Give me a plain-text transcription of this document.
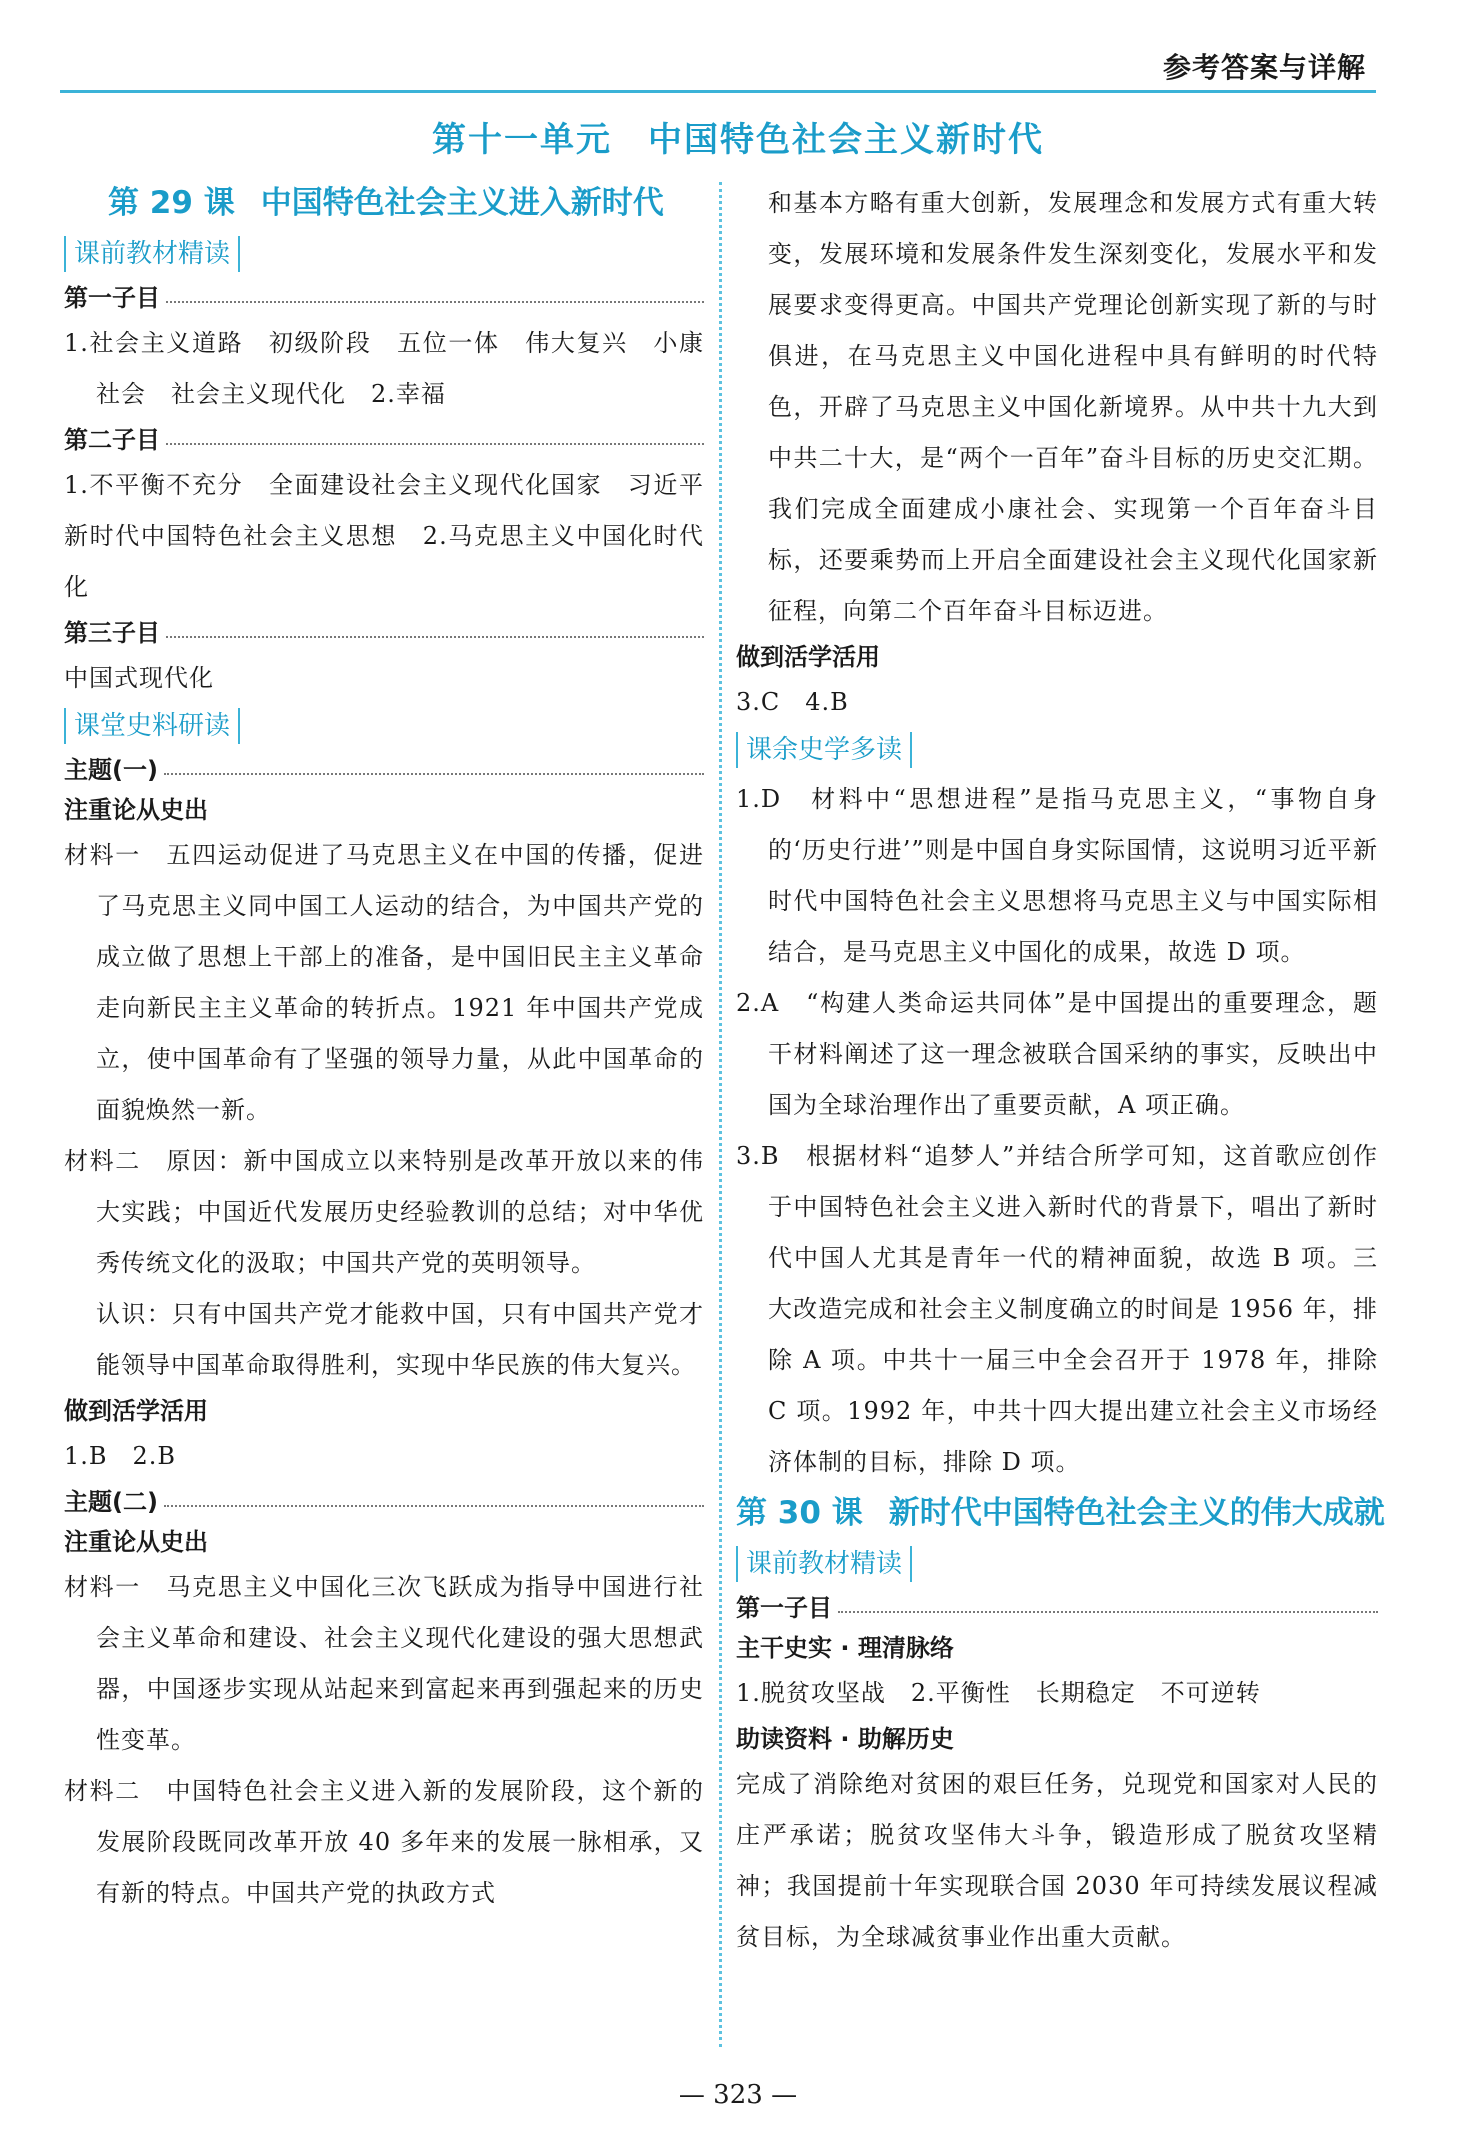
参考答案与详解
第十一单元　中国特色社会主义新时代
第 29 课 中国特色社会主义进入新时代
课前教材精读
第一子目

1.社会主义道路　初级阶段　五位一体　伟大复兴　小康社会　社会主义现代化　2.幸福

第二子目

1.不平衡不充分　全面建设社会主义现代化国家　习近平新时代中国特色社会主义思想　2.马克思主义中国化时代化

第三子目

中国式现代化

课堂史料研读
主题(一)
注重论从史出

材料一　五四运动促进了马克思主义在中国的传播，促进了马克思主义同中国工人运动的结合，为中国共产党的成立做了思想上干部上的准备，是中国旧民主主义革命走向新民主主义革命的转折点。1921 年中国共产党成立，使中国革命有了坚强的领导力量，从此中国革命的面貌焕然一新。

材料二　原因：新中国成立以来特别是改革开放以来的伟大实践；中国近代发展历史经验教训的总结；对中华优秀传统文化的汲取；中国共产党的英明领导。

认识：只有中国共产党才能救中国，只有中国共产党才能领导中国革命取得胜利，实现中华民族的伟大复兴。

做到活学活用

1.B　2.B

主题(二)
注重论从史出

材料一　马克思主义中国化三次飞跃成为指导中国进行社会主义革命和建设、社会主义现代化建设的强大思想武器，中国逐步实现从站起来到富起来再到强起来的历史性变革。

材料二　中国特色社会主义进入新的发展阶段，这个新的发展阶段既同改革开放 40 多年来的发展一脉相承，又有新的特点。中国共产党的执政方式

和基本方略有重大创新，发展理念和发展方式有重大转变，发展环境和发展条件发生深刻变化，发展水平和发展要求变得更高。中国共产党理论创新实现了新的与时俱进，在马克思主义中国化进程中具有鲜明的时代特色，开辟了马克思主义中国化新境界。从中共十九大到中共二十大，是“两个一百年”奋斗目标的历史交汇期。我们完成全面建成小康社会、实现第一个百年奋斗目标，还要乘势而上开启全面建设社会主义现代化国家新征程，向第二个百年奋斗目标迈进。

做到活学活用

3.C　4.B

课余史学多读

1.D　材料中“思想进程”是指马克思主义，“事物自身的‘历史行进’”则是中国自身实际国情，这说明习近平新时代中国特色社会主义思想将马克思主义与中国实际相结合，是马克思主义中国化的成果，故选 D 项。

2.A　“构建人类命运共同体”是中国提出的重要理念，题干材料阐述了这一理念被联合国采纳的事实，反映出中国为全球治理作出了重要贡献，A 项正确。

3.B　根据材料“追梦人”并结合所学可知，这首歌应创作于中国特色社会主义进入新时代的背景下，唱出了新时代中国人尤其是青年一代的精神面貌，故选 B 项。三大改造完成和社会主义制度确立的时间是 1956 年，排除 A 项。中共十一届三中全会召开于 1978 年，排除 C 项。1992 年，中共十四大提出建立社会主义市场经济体制的目标，排除 D 项。

第 30 课 新时代中国特色社会主义的伟大成就
课前教材精读
第一子目
主干史实 · 理清脉络

1.脱贫攻坚战　2.平衡性　长期稳定　不可逆转

助读资料 · 助解历史

完成了消除绝对贫困的艰巨任务，兑现党和国家对人民的庄严承诺；脱贫攻坚伟大斗争，锻造形成了脱贫攻坚精神；我国提前十年实现联合国 2030 年可持续发展议程减贫目标，为全球减贫事业作出重大贡献。

— 323 —
